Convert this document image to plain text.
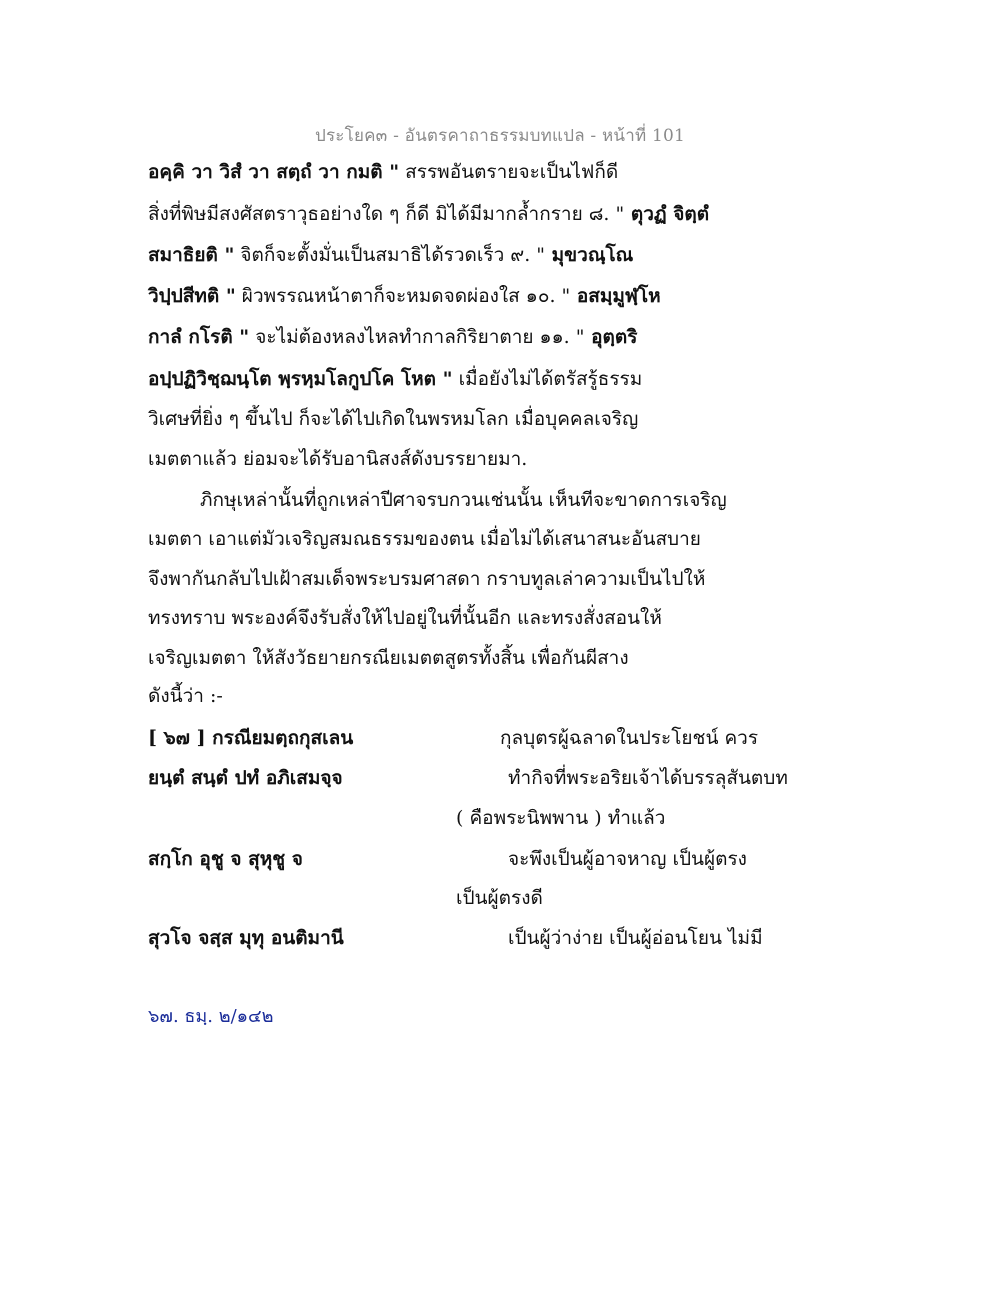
ประโยค๓ - อันตรคาถาธรรมบทแปล - หน้าที่ 101
อคฺคิ วา วิสํ วา สตฺถํ วา กมติ " สรรพอันตรายจะเป็นไฟก็ดี
สิ่งที่พิษมีสงศัสตราวุธอย่างใด ๆ ก็ดี มิได้มีมากล้ำกราย ๘. " ตุวฏํ จิตฺตํ
สมาธิยติ " จิตก็จะตั้งมั่นเป็นสมาธิได้รวดเร็ว ๙. " มุขวณฺโณ
วิปฺปสีทติ " ผิวพรรณหน้าตาก็จะหมดจดผ่องใส ๑๐. " อสมฺมูฬฺโห
กาลํ กโรติ " จะไม่ต้องหลงไหลทำกาลกิริยาตาย ๑๑. " อุตฺตริ
อปฺปฏิวิชฺฌนฺโต พฺรหฺมโลกูปโค โหต " เมื่อยังไม่ได้ตรัสรู้ธรรม
วิเศษที่ยิ่ง ๆ ขึ้นไป ก็จะได้ไปเกิดในพรหมโลก เมื่อบุคคลเจริญ
เมตตาแล้ว ย่อมจะได้รับอานิสงส์ดังบรรยายมา.
ภิกษุเหล่านั้นที่ถูกเหล่าปีศาจรบกวนเช่นนั้น เห็นทีจะขาดการเจริญ
เมตตา เอาแต่มัวเจริญสมณธรรมของตน เมื่อไม่ได้เสนาสนะอันสบาย
จึงพากันกลับไปเฝ้าสมเด็จพระบรมศาสดา กราบทูลเล่าความเป็นไปให้
ทรงทราบ พระองค์จึงรับสั่งให้ไปอยู่ในที่นั้นอีก และทรงสั่งสอนให้
เจริญเมตตา ให้สังวัธยายกรณียเมตตสูตรทั้งสิ้น เพื่อกันผีสาง
ดังนี้ว่า :-
[ ๖๗ ] กรณียมตฺถกุสเลน	กุลบุตรผู้ฉลาดในประโยชน์ ควร
ยนฺตํ สนฺตํ ปทํ อภิเสมจฺจ	ทำกิจที่พระอริยเจ้าได้บรรลุสันตบท
( คือพระนิพพาน ) ทำแล้ว
สกฺโก อุชู จ สุหุชู จ	จะพึงเป็นผู้อาจหาญ เป็นผู้ตรง
เป็นผู้ตรงดี
สุวโจ จสฺส มุทุ อนติมานี	เป็นผู้ว่าง่าย เป็นผู้อ่อนโยน ไม่มี
๖๗. ธมฺ. ๒/๑๔๒
